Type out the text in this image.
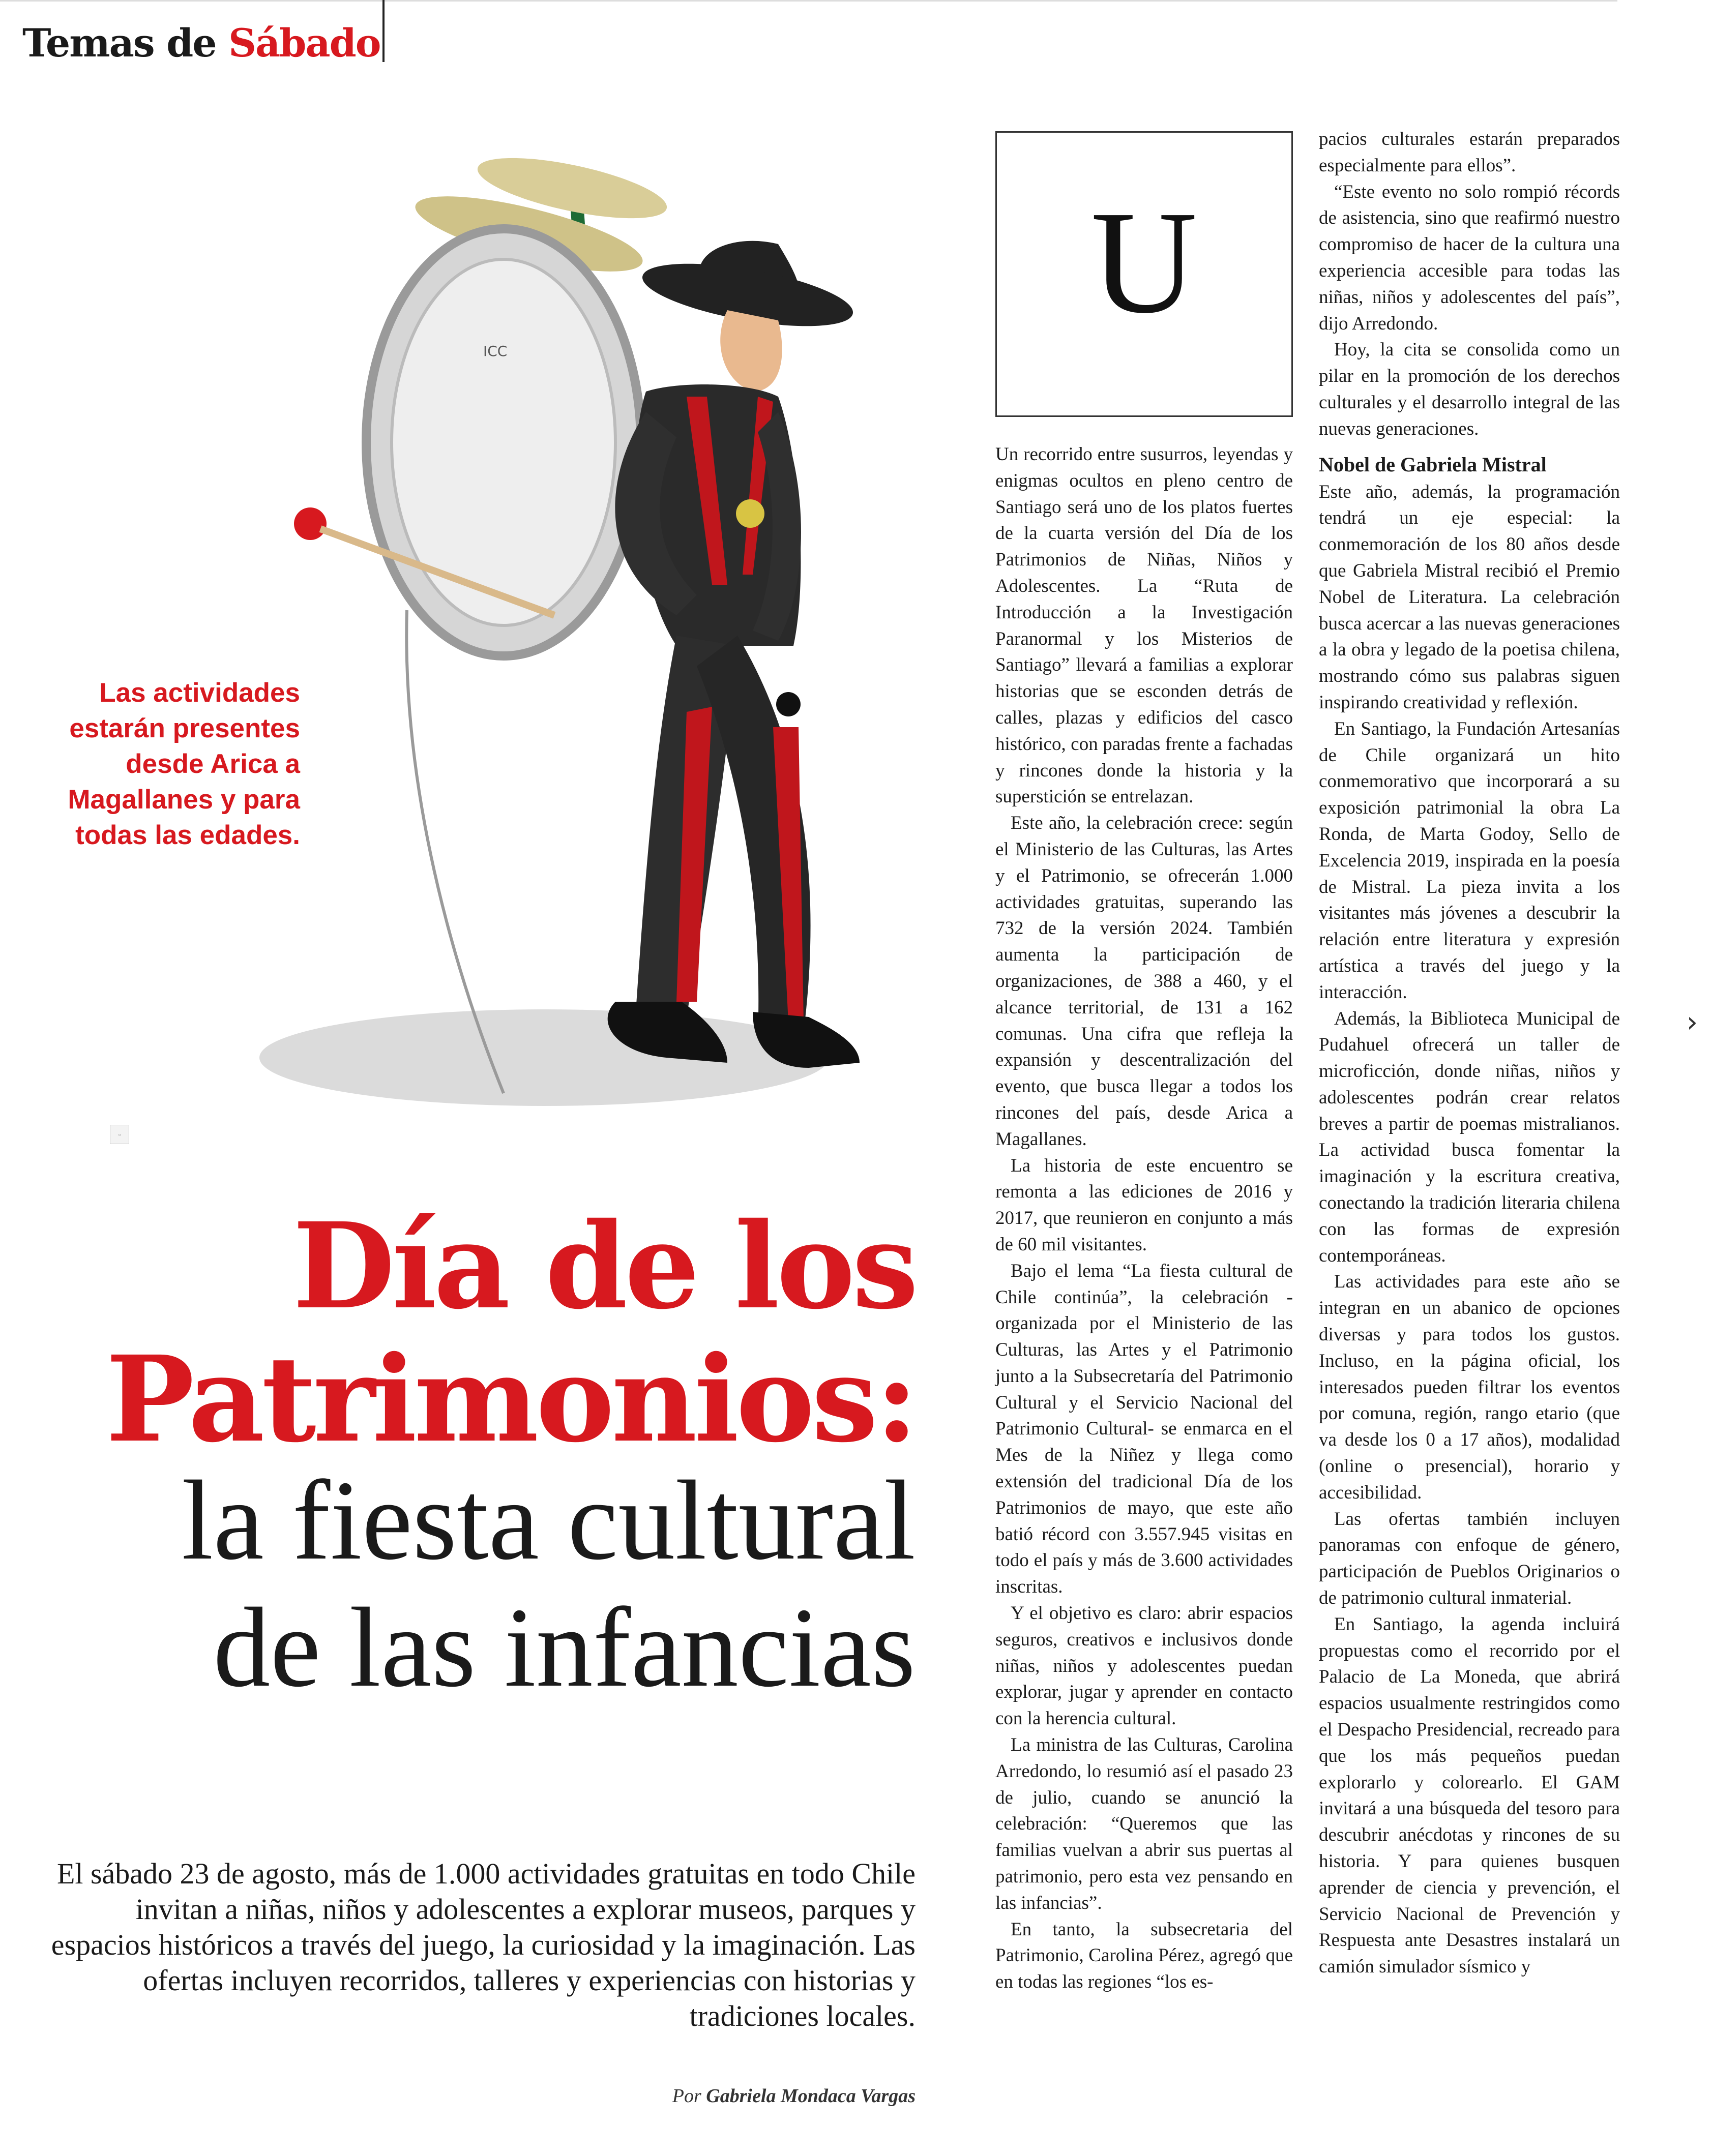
Temas de Sábado
ICC
Las actividades
estarán presentes
desde Arica a
Magallanes y para
todas las edades.
▫
Día de los
Patrimonios:
la fiesta cultural
de las infancias
El sábado 23 de agosto, más de 1.000 actividades gratuitas en todo Chile invitan a niñas, niños y adolescentes a explorar museos, parques y espacios históricos a través del juego, la curiosidad y la imaginación. Las ofertas incluyen recorridos, talleres y experiencias con historias y tradiciones locales.
Por Gabriela Mondaca Vargas
U

Un recorrido entre susurros, leyendas y enigmas ocultos en pleno centro de Santiago será uno de los platos fuertes de la cuarta versión del Día de los Patrimonios de Niñas, Niños y Adolescentes. La “Ruta de Introducción a la Investigación Paranormal y los Misterios de Santiago” llevará a familias a explorar historias que se esconden detrás de calles, plazas y edificios del casco histórico, con paradas frente a fachadas y rincones donde la historia y la superstición se entrelazan.

Este año, la celebración crece: según el Ministerio de las Culturas, las Artes y el Patrimonio, se ofrecerán 1.000 actividades gratuitas, superando las 732 de la versión 2024. También aumenta la participación de organizaciones, de 388 a 460, y el alcance territorial, de 131 a 162 comunas. Una cifra que refleja la expansión y descentralización del evento, que busca llegar a todos los rincones del país, desde Arica a Magallanes.

La historia de este encuentro se remonta a las ediciones de 2016 y 2017, que reunieron en conjunto a más de 60 mil visitantes.

Bajo el lema “La fiesta cultural de Chile continúa”, la celebración -organizada por el Ministerio de las Culturas, las Artes y el Patrimonio junto a la Subsecretaría del Patrimonio Cultural y el Servicio Nacional del Patrimonio Cultural- se enmarca en el Mes de la Niñez y llega como extensión del tradicional Día de los Patrimonios de mayo, que este año batió récord con 3.557.945 visitas en todo el país y más de 3.600 actividades inscritas.

Y el objetivo es claro: abrir espacios seguros, creativos e inclusivos donde niñas, niños y adolescentes puedan explorar, jugar y aprender en contacto con la herencia cultural.

La ministra de las Culturas, Carolina Arredondo, lo resumió así el pasado 23 de julio, cuando se anunció la celebración: “Queremos que las familias vuelvan a abrir sus puertas al patrimonio, pero esta vez pensando en las infancias”.

En tanto, la subsecretaria del Patrimonio, Carolina Pérez, agregó que en todas las regiones “los es-

pacios culturales estarán preparados especialmente para ellos”.

“Este evento no solo rompió récords de asistencia, sino que reafirmó nuestro compromiso de hacer de la cultura una experiencia accesible para todas las niñas, niños y adolescentes del país”, dijo Arredondo.

Hoy, la cita se consolida como un pilar en la promoción de los derechos culturales y el desarrollo integral de las nuevas generaciones.

Nobel de Gabriela Mistral

Este año, además, la programación tendrá un eje especial: la conmemoración de los 80 años desde que Gabriela Mistral recibió el Premio Nobel de Literatura. La celebración busca acercar a las nuevas generaciones a la obra y legado de la poetisa chilena, mostrando cómo sus palabras siguen inspirando creatividad y reflexión.

En Santiago, la Fundación Artesanías de Chile organizará un hito conmemorativo que incorporará a su exposición patrimonial la obra La Ronda, de Marta Godoy, Sello de Excelencia 2019, inspirada en la poesía de Mistral. La pieza invita a los visitantes más jóvenes a descubrir la relación entre literatura y expresión artística a través del juego y la interacción.

Además, la Biblioteca Municipal de Pudahuel ofrecerá un taller de microficción, donde niñas, niños y adolescentes podrán crear relatos breves a partir de poemas mistralianos. La actividad busca fomentar la imaginación y la escritura creativa, conectando la tradición literaria chilena con las formas de expresión contemporáneas.

Las actividades para este año se integran en un abanico de opciones diversas y para todos los gustos. Incluso, en la página oficial, los interesados pueden filtrar los eventos por comuna, región, rango etario (que va desde los 0 a 17 años), modalidad (online o presencial), horario y accesibilidad.

Las ofertas también incluyen panoramas con enfoque de género, participación de Pueblos Originarios o de patrimonio cultural inmaterial.

En Santiago, la agenda incluirá propuestas como el recorrido por el Palacio de La Moneda, que abrirá espacios usualmente restringidos como el Despacho Presidencial, recreado para que los más pequeños puedan explorarlo y colorearlo. El GAM invitará a una búsqueda del tesoro para descubrir anécdotas y rincones de su historia. Y para quienes busquen aprender de ciencia y prevención, el Servicio Nacional de Prevención y Respuesta ante Desastres instalará un camión simulador sísmico y

›
